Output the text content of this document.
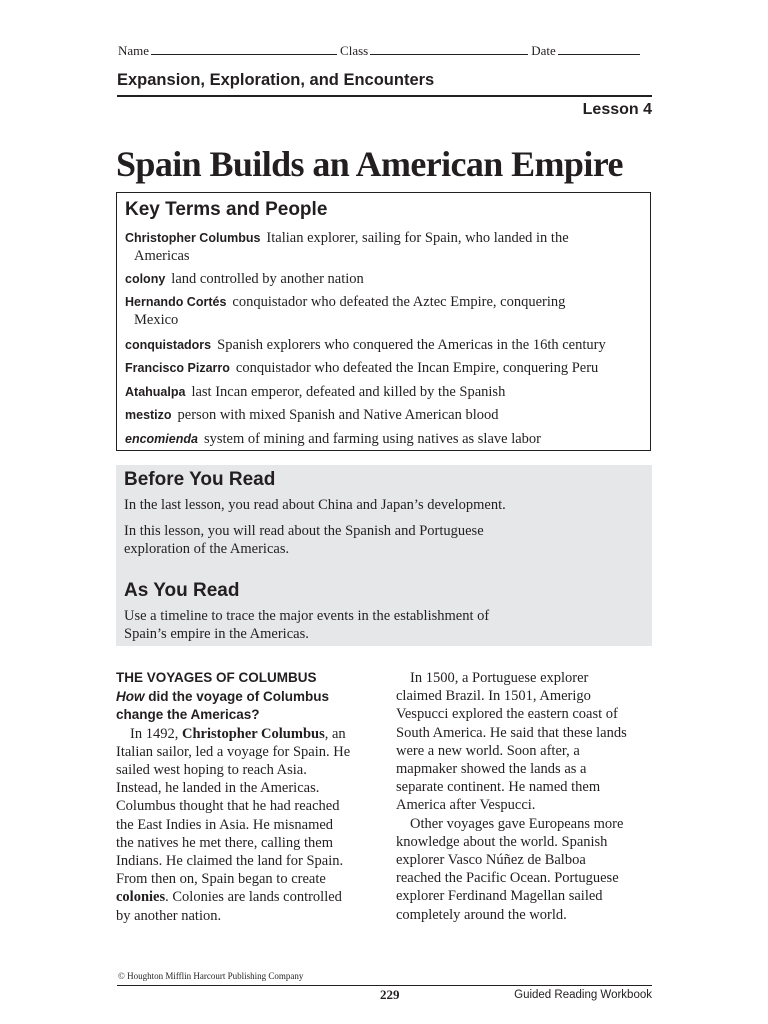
Name	Class	Date
Expansion, Exploration, and Encounters
Lesson 4
Spain Builds an American Empire
Key Terms and People
Christopher Columbus Italian explorer, sailing for Spain, who landed in the
Americas
colony land controlled by another nation
Hernando Cortés conquistador who defeated the Aztec Empire, conquering
Mexico
conquistadors Spanish explorers who conquered the Americas in the 16th century
Francisco Pizarro conquistador who defeated the Incan Empire, conquering Peru
Atahualpa last Incan emperor, defeated and killed by the Spanish
mestizo person with mixed Spanish and Native American blood
encomienda system of mining and farming using natives as slave labor
Before You Read

In the last lesson, you read about China and Japan’s development.

In this lesson, you will read about the Spanish and Portuguese

exploration of the Americas.

As You Read

Use a timeline to trace the major events in the establishment of

Spain’s empire in the Americas.

THE VOYAGES OF COLUMBUS
How did the voyage of Columbus
change the Americas?
In 1492, Christopher Columbus, an
Italian sailor, led a voyage for Spain. He
sailed west hoping to reach Asia.
Instead, he landed in the Americas.
Columbus thought that he had reached
the East Indies in Asia. He misnamed
the natives he met there, calling them
Indians. He claimed the land for Spain.
From then on, Spain began to create
colonies. Colonies are lands controlled
by another nation.
In 1500, a Portuguese explorer
claimed Brazil. In 1501, Amerigo
Vespucci explored the eastern coast of
South America. He said that these lands
were a new world. Soon after, a
mapmaker showed the lands as a
separate continent. He named them
America after Vespucci.
Other voyages gave Europeans more
knowledge about the world. Spanish
explorer Vasco Núñez de Balboa
reached the Pacific Ocean. Portuguese
explorer Ferdinand Magellan sailed
completely around the world.
© Houghton Mifflin Harcourt Publishing Company
229	Guided Reading Workbook
